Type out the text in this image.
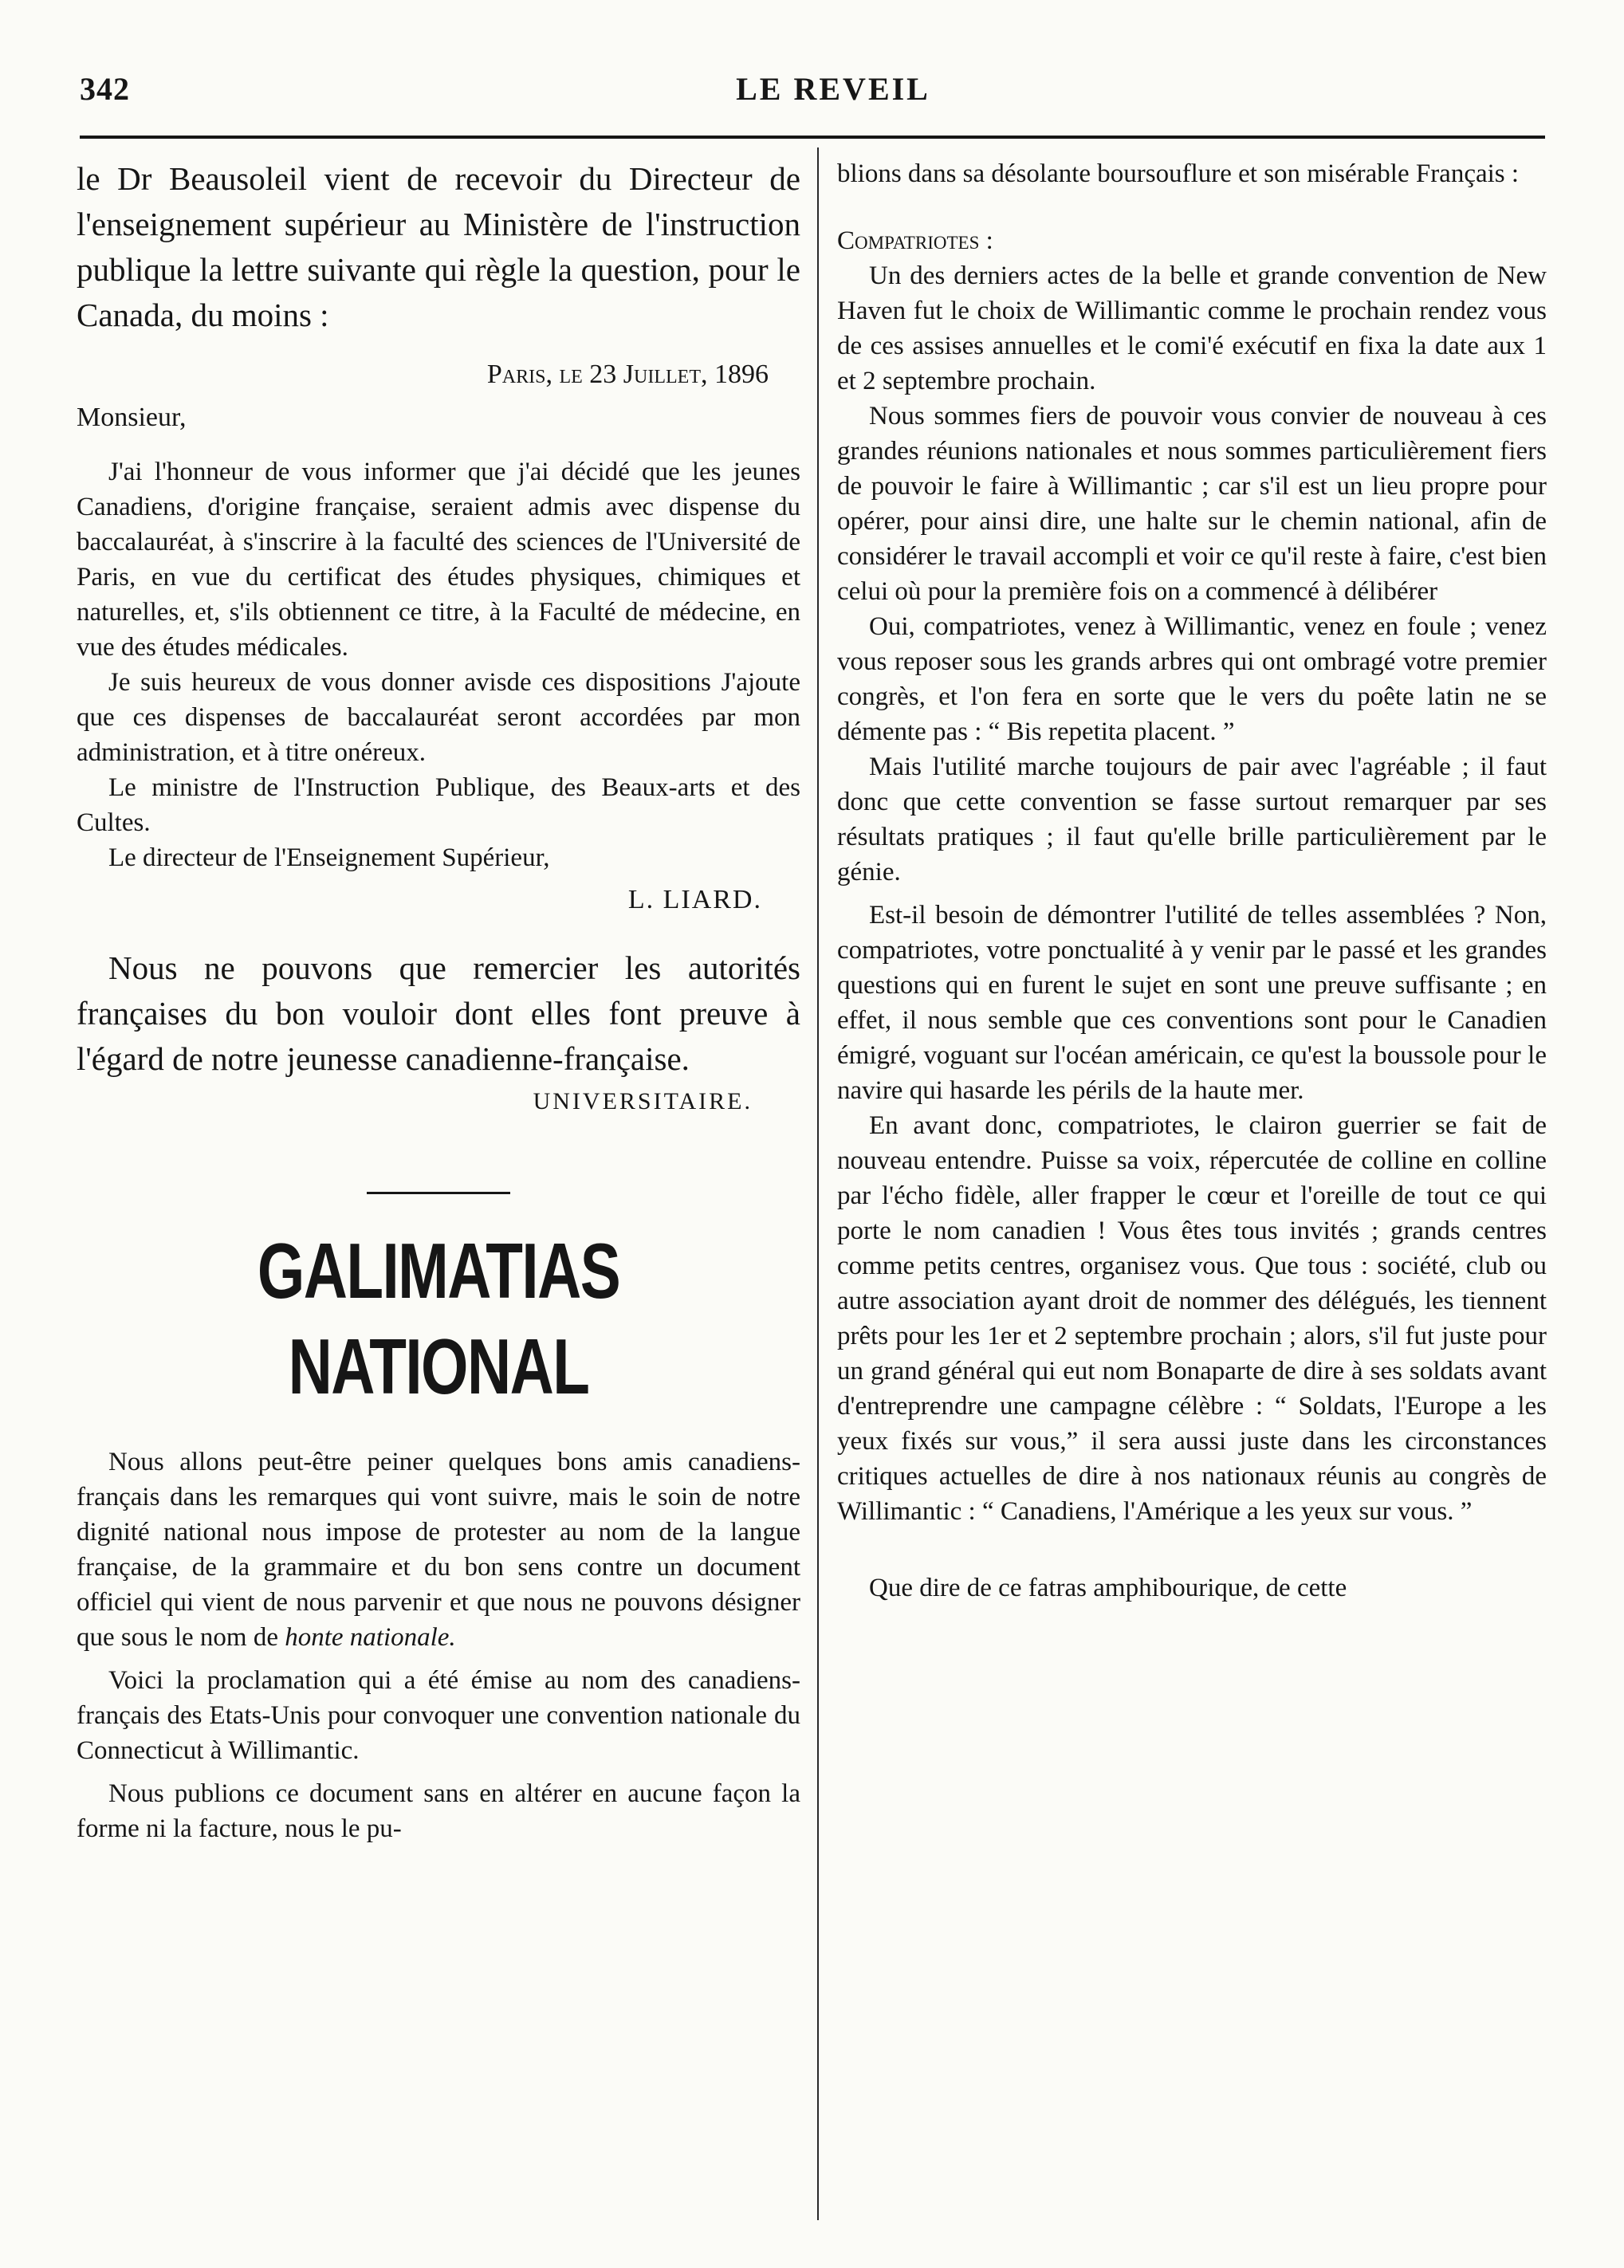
342	LE REVEIL

le Dr Beausoleil vient de recevoir du Directeur de l'enseignement supérieur au Ministère de l'instruction publique la lettre suivante qui règle la question, pour le Canada, du moins :

Paris, le 23 Juillet, 1896

Monsieur,

J'ai l'honneur de vous informer que j'ai décidé que les jeunes Canadiens, d'origine française, seraient admis avec dispense du baccalauréat, à s'inscrire à la faculté des sciences de l'Université de Paris, en vue du certificat des études physiques, chimiques et naturelles, et, s'ils obtiennent ce titre, à la Faculté de médecine, en vue des études médicales.

Je suis heureux de vous donner avisde ces dispositions J'ajoute que ces dispenses de baccalauréat seront accordées par mon administration, et à titre onéreux.

Le ministre de l'Instruction Publique, des Beaux-arts et des Cultes.

Le directeur de l'Enseignement Supérieur,

L. LIARD.

Nous ne pouvons que remercier les autorités françaises du bon vouloir dont elles font preuve à l'égard de notre jeunesse canadienne-française.

UNIVERSITAIRE.

GALIMATIAS NATIONAL

Nous allons peut-être peiner quelques bons amis canadiens-français dans les remarques qui vont suivre, mais le soin de notre dignité national nous impose de protester au nom de la langue française, de la grammaire et du bon sens contre un document officiel qui vient de nous parvenir et que nous ne pouvons désigner que sous le nom de honte nationale.

Voici la proclamation qui a été émise au nom des canadiens-français des Etats-Unis pour convoquer une convention nationale du Connecticut à Willimantic.

Nous publions ce document sans en altérer en aucune façon la forme ni la facture, nous le pu-

blions dans sa désolante boursouflure et son misérable Français :

Compatriotes :

Un des derniers actes de la belle et grande convention de New Haven fut le choix de Willimantic comme le prochain rendez vous de ces assises annuelles et le comi'é exécutif en fixa la date aux 1 et 2 septembre prochain.

Nous sommes fiers de pouvoir vous convier de nouveau à ces grandes réunions nationales et nous sommes particulièrement fiers de pouvoir le faire à Willimantic ; car s'il est un lieu propre pour opérer, pour ainsi dire, une halte sur le chemin national, afin de considérer le travail accompli et voir ce qu'il reste à faire, c'est bien celui où pour la première fois on a commencé à délibérer

Oui, compatriotes, venez à Willimantic, venez en foule ; venez vous reposer sous les grands arbres qui ont ombragé votre premier congrès, et l'on fera en sorte que le vers du poête latin ne se démente pas : “ Bis repetita placent. ”

Mais l'utilité marche toujours de pair avec l'agréable ; il faut donc que cette convention se fasse surtout remarquer par ses résultats pratiques ; il faut qu'elle brille particulièrement par le génie.

Est-il besoin de démontrer l'utilité de telles assemblées ? Non, compatriotes, votre ponctualité à y venir par le passé et les grandes questions qui en furent le sujet en sont une preuve suffisante ; en effet, il nous semble que ces conventions sont pour le Canadien émigré, voguant sur l'océan américain, ce qu'est la boussole pour le navire qui hasarde les périls de la haute mer.

En avant donc, compatriotes, le clairon guerrier se fait de nouveau entendre. Puisse sa voix, répercutée de colline en colline par l'écho fidèle, aller frapper le cœur et l'oreille de tout ce qui porte le nom canadien ! Vous êtes tous invités ; grands centres comme petits centres, organisez vous. Que tous : société, club ou autre association ayant droit de nommer des délégués, les tiennent prêts pour les 1er et 2 septembre prochain ; alors, s'il fut juste pour un grand général qui eut nom Bonaparte de dire à ses soldats avant d'entreprendre une campagne célèbre : “ Soldats, l'Europe a les yeux fixés sur vous,” il sera aussi juste dans les circonstances critiques actuelles de dire à nos nationaux réunis au congrès de Willimantic : “ Canadiens, l'Amérique a les yeux sur vous. ”

Que dire de ce fatras amphibourique, de cette
